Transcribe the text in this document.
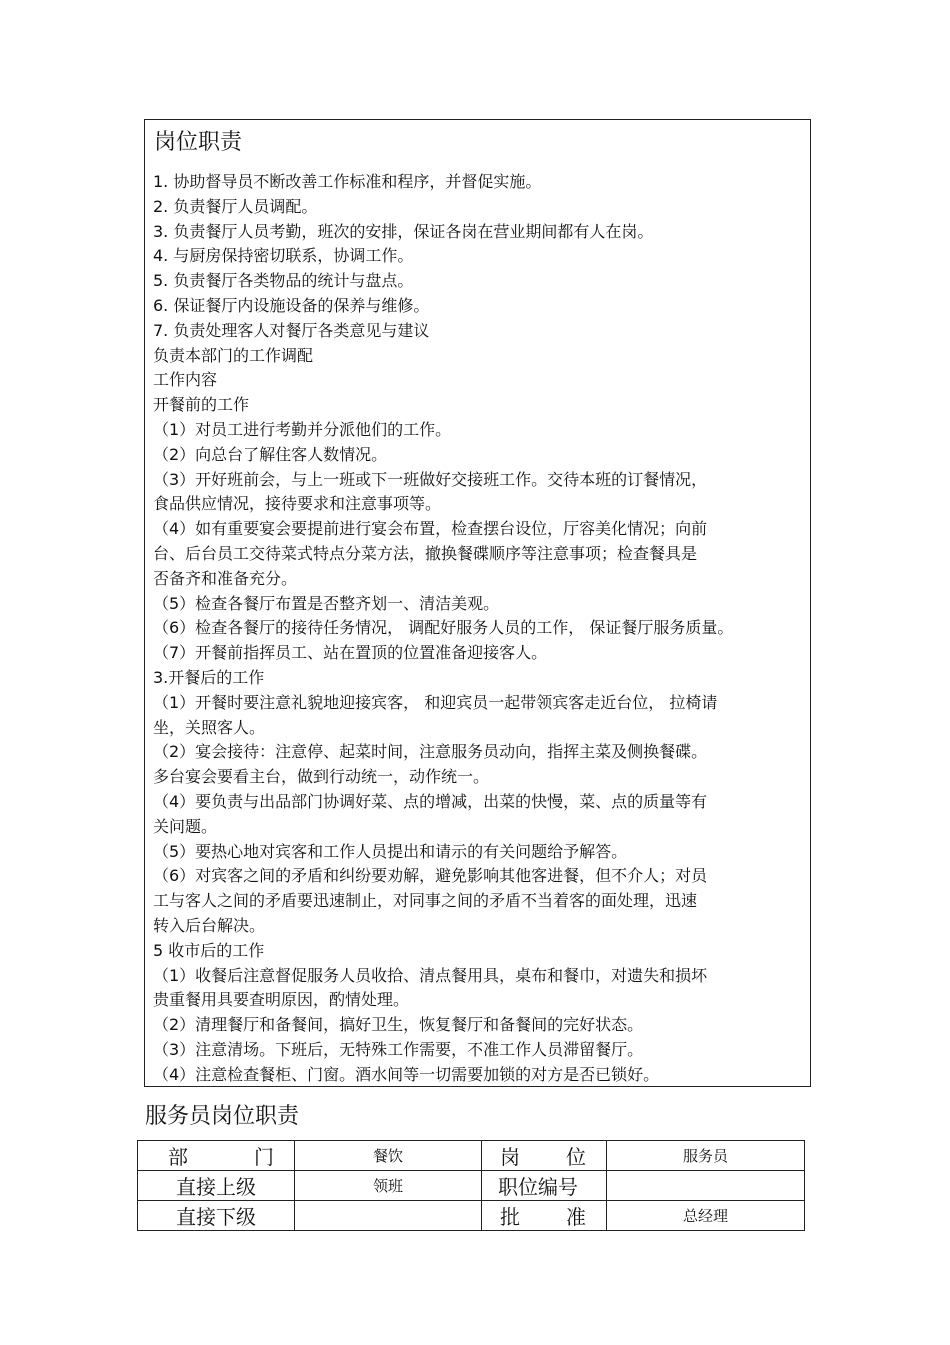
岗位职责
1. 协助督导员不断改善工作标准和程序，并督促实施。
2. 负责餐厅人员调配。
3. 负责餐厅人员考勤，班次的安排，保证各岗在营业期间都有人在岗。
4. 与厨房保持密切联系，协调工作。
5. 负责餐厅各类物品的统计与盘点。
6. 保证餐厅内设施设备的保养与维修。
7. 负责处理客人对餐厅各类意见与建议
负责本部门的工作调配
工作内容
开餐前的工作
（1）对员工进行考勤并分派他们的工作。
（2）向总台了解住客人数情况。
（3）开好班前会，与上一班或下一班做好交接班工作。交待本班的订餐情况，
食品供应情况，接待要求和注意事项等。
（4）如有重要宴会要提前进行宴会布置，检查摆台设位，厅容美化情况；向前
台、后台员工交待菜式特点分菜方法，撤换餐碟顺序等注意事项；检查餐具是
否备齐和准备充分。
（5）检查各餐厅布置是否整齐划一、清洁美观。
（6）检查各餐厅的接待任务情况， 调配好服务人员的工作， 保证餐厅服务质量。
（7）开餐前指挥员工、站在置顶的位置准备迎接客人。
3.开餐后的工作
（1）开餐时要注意礼貌地迎接宾客， 和迎宾员一起带领宾客走近台位， 拉椅请
坐，关照客人。
（2）宴会接待：注意停、起菜时间，注意服务员动向，指挥主菜及侧换餐碟。
多台宴会要看主台，做到行动统一，动作统一。
（4）要负责与出品部门协调好菜、点的增减，出菜的快慢，菜、点的质量等有
关问题。
（5）要热心地对宾客和工作人员提出和请示的有关问题给予解答。
（6）对宾客之间的矛盾和纠纷要劝解，避免影响其他客进餐，但不介人；对员
工与客人之间的矛盾要迅速制止，对同事之间的矛盾不当着客的面处理，迅速
转入后台解决。
5 收市后的工作
（1）收餐后注意督促服务人员收拾、清点餐用具，桌布和餐巾，对遗失和损坏
贵重餐用具要查明原因，酌情处理。
（2）清理餐厅和备餐间，搞好卫生，恢复餐厅和备餐间的完好状态。
（3）注意清场。下班后，无特殊工作需要，不准工作人员滞留餐厅。
（4）注意检查餐柜、门窗。酒水间等一切需要加锁的对方是否已锁好。
服务员岗位职责
部 门	餐饮	岗 位	服务员
直接上级	领班	职位编号	
直接下级		批 准	总经理
